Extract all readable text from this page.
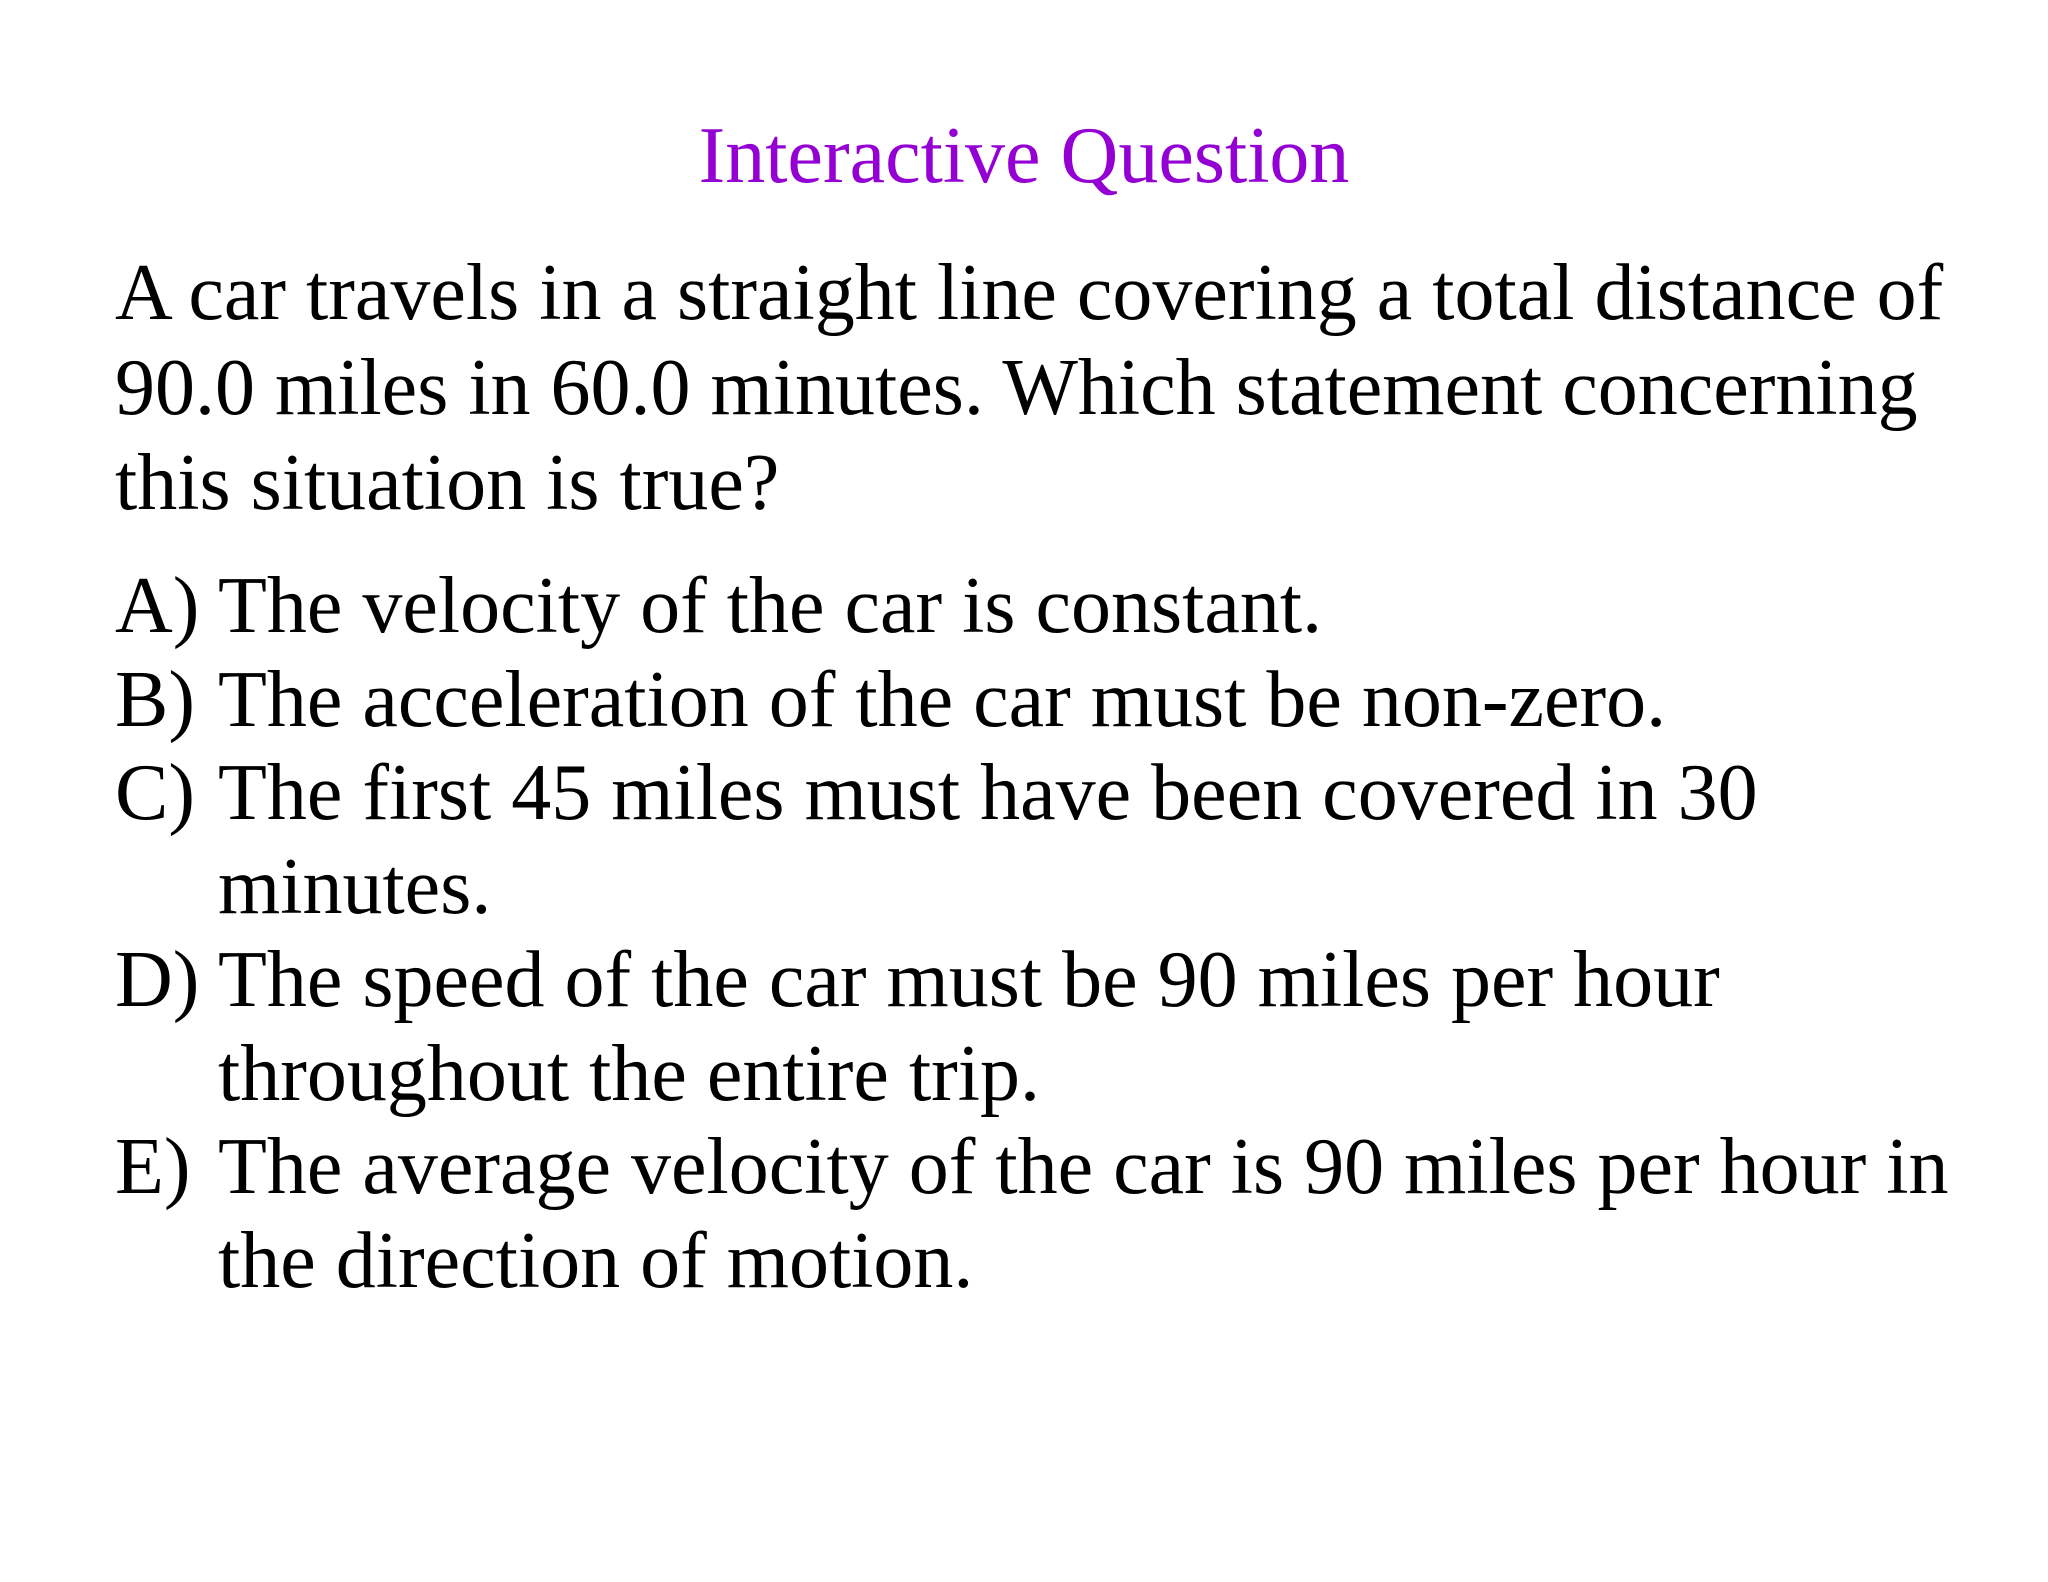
Interactive Question
A car travels in a straight line covering a total distance of
90.0 miles in 60.0 minutes. Which statement concerning
this situation is true?
A) The velocity of the car is constant.
B) The acceleration of the car must be non-zero.
C) The first 45 miles must have been covered in 30
minutes.
D) The speed of the car must be 90 miles per hour
throughout the entire trip.
E) The average velocity of the car is 90 miles per hour in
the direction of motion.
